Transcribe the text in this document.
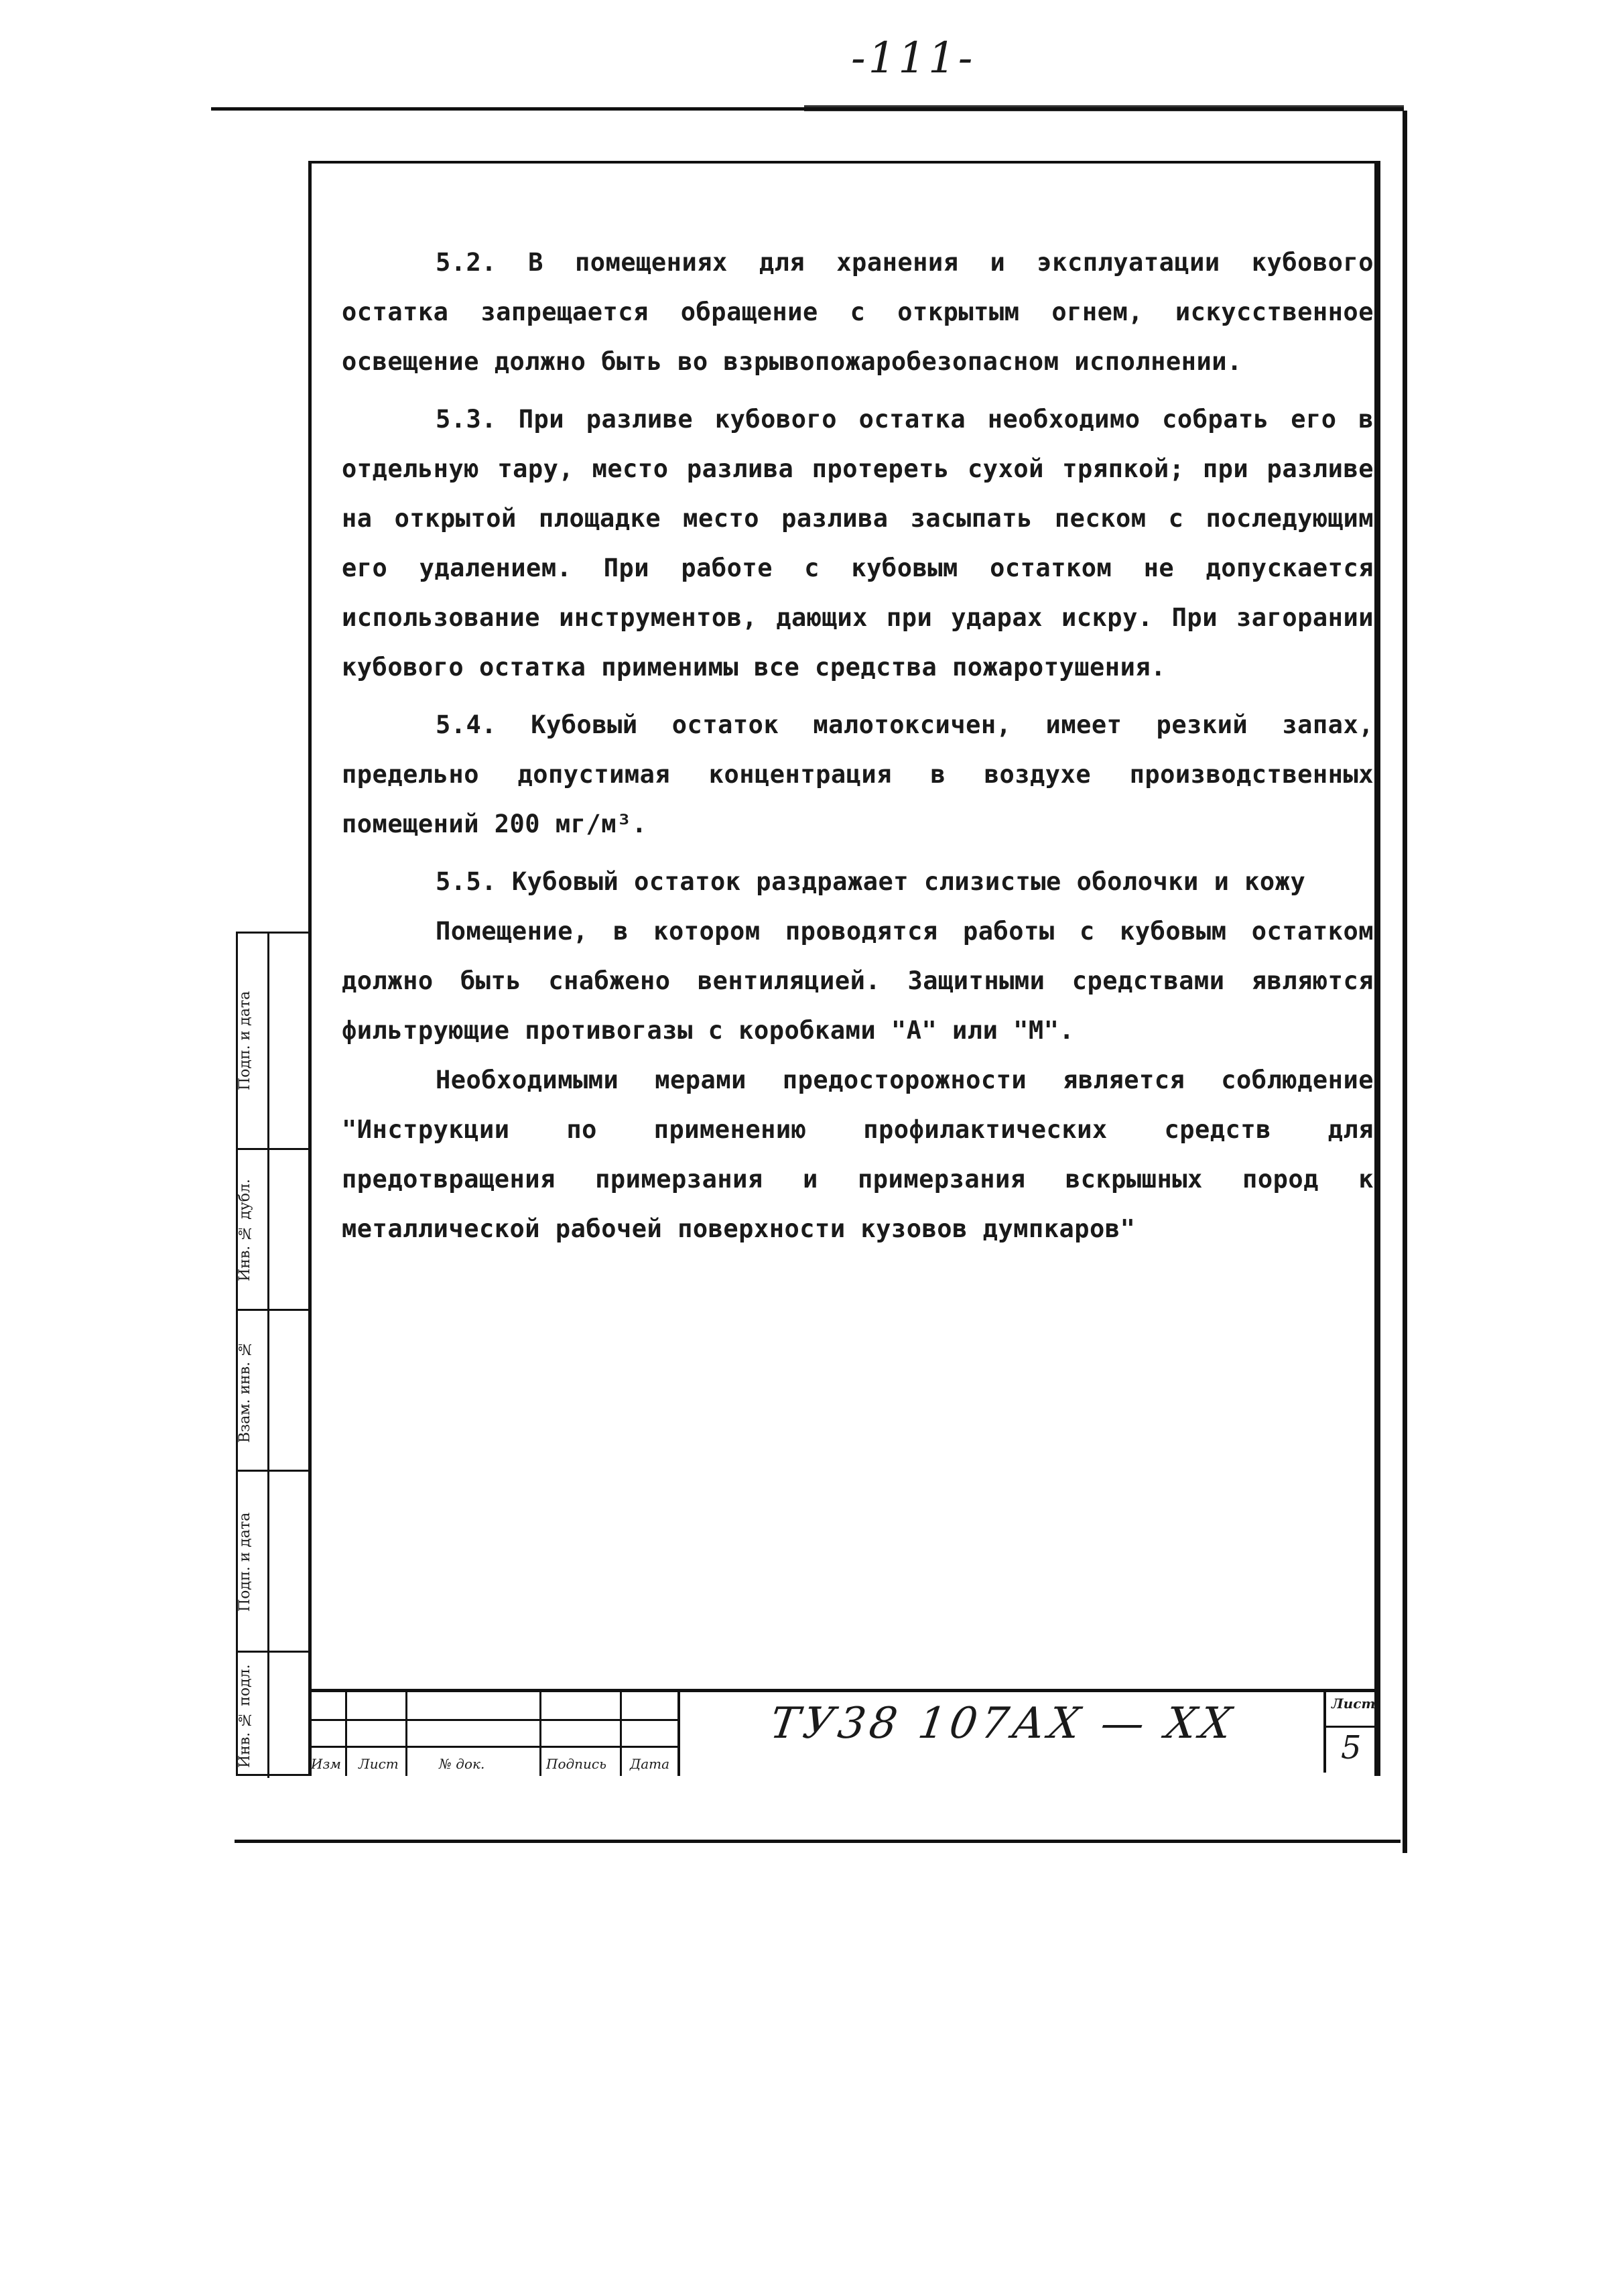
-111-

5.2. В помещениях для хранения и эксплуатации кубового остатка запрещается обращение с открытым огнем, искусственное освещение должно быть во взрывопожаробезопасном исполнении.

5.3. При разливе кубового остатка необходимо собрать его в отдельную тару, место разлива протереть сухой тряпкой; при разливе на открытой площадке место разлива засыпать песком с последующим его удалением. При работе с кубовым остатком не допускается использование инструментов, дающих при ударах искру. При загорании кубового остатка применимы все средства пожаротушения.

5.4. Кубовый остаток малотоксичен, имеет резкий запах, предельно допустимая концентрация в воздухе производственных помещений 200 мг/м³.

5.5. Кубовый остаток раздражает слизистые оболочки и кожу

Помещение, в котором проводятся работы с кубовым остатком должно быть снабжено вентиляцией. Защитными средствами являются фильтрующие противогазы с коробками "А" или "М".

Необходимыми мерами предосторожности является соблюдение "Инструкции по применению профилактических средств для предотвращения примерзания и примерзания вскрышных пород к металлической рабочей поверхности кузовов думпкаров"

Подп. и дата
Инв. № дубл.
Взам. инв. №
Подп. и дата
Инв. № подл.	Изм Лист	№ док.	Подпись Дата
ТУ38 107АХ — ХХ	Лист
5
